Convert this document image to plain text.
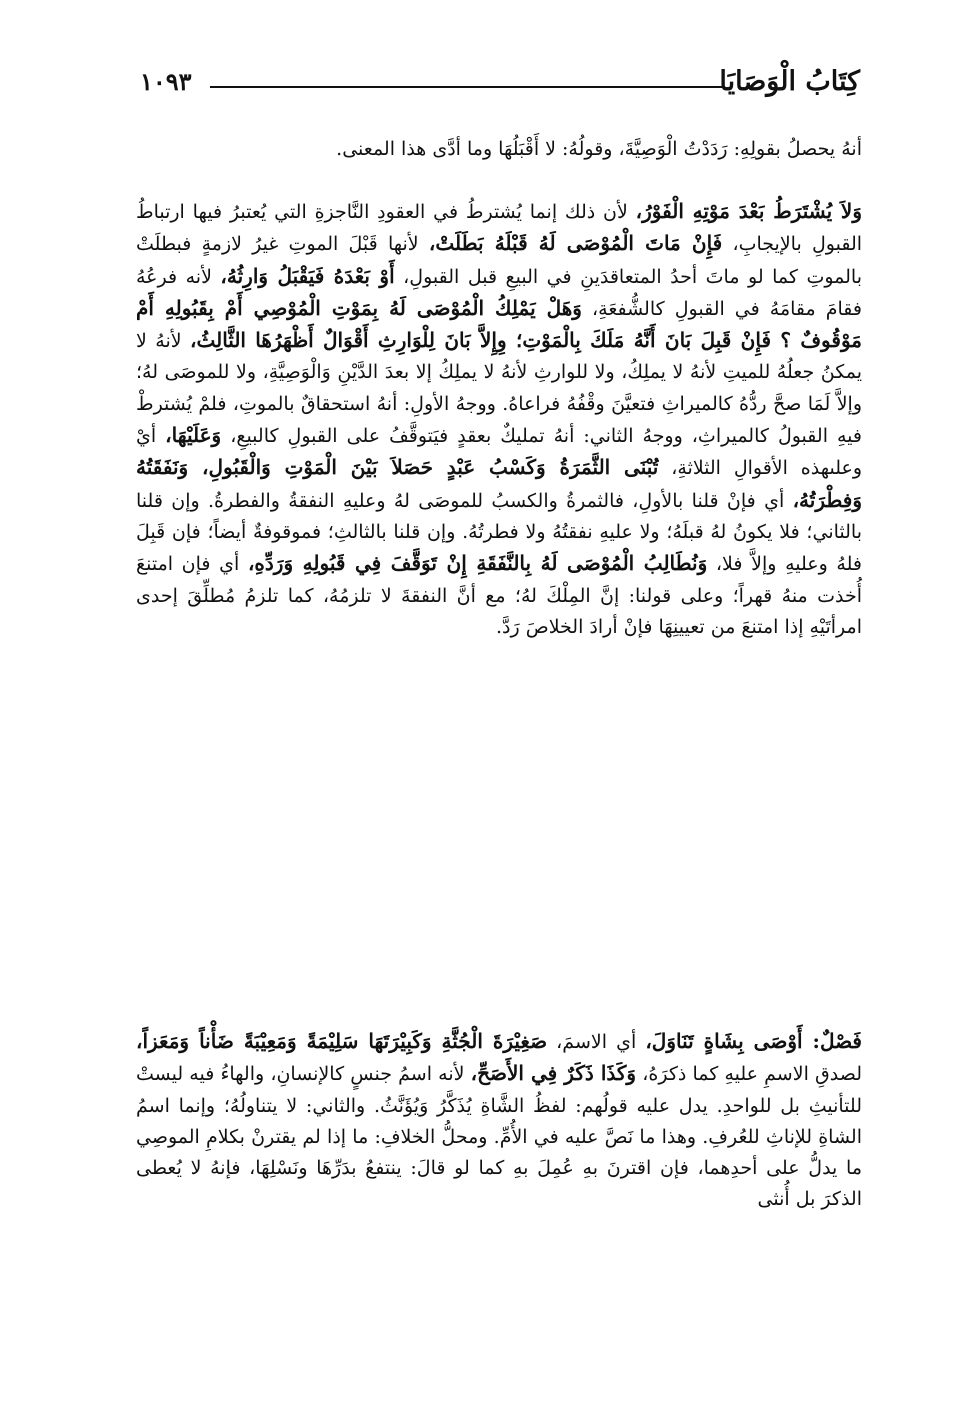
كِتَابُ الْوَصَايَا
١٠٩٣

أنهُ يحصلُ بقولِهِ: رَدَدْتُ الْوَصِيَّةَ، وقولُهُ: لا أَقْبَلُهَا وما أدَّى هذا المعنى.

وَلاَ يُشْتَرَطُ بَعْدَ مَوْتِهِ الْفَوْرُ، لأن ذلك إنما يُشترطُ في العقودِ النَّاجزةِ التي يُعتبرُ فيها ارتباطُ القبولِ بالإيجابِ، فَإِنْ مَاتَ الْمُوْصَى لَهُ قَبْلَهُ بَطَلَتْ، لأنها قَبْلَ الموتِ غيرُ لازمةٍ فبطلَتْ بالموتِ كما لو ماتَ أحدُ المتعاقدَينِ في البيعِ قبل القبولِ، أَوْ بَعْدَهُ فَيَقْبَلُ وَارِثُهُ، لأنه فرعُهُ فقامَ مقامَهُ في القبولِ كالشُّفعَةِ، وَهَلْ يَمْلِكُ الْمُوْصَى لَهُ بِمَوْتِ الْمُوْصِي أَمْ بِقَبُولِهِ أَمْ مَوْقُوفٌ ؟ فَإِنْ قَبِلَ بَانَ أَنَّهُ مَلَكَ بِالْمَوْتِ؛ وِإِلاَّ بَانَ لِلْوَارِثِ أَقْوَالٌ أَظْهَرُهَا الثَّالِثُ، لأنهُ لا يمكنُ جعلُهُ للميتِ لأنهُ لا يملِكُ، ولا للوارثِ لأنهُ لا يملِكُ إلا بعدَ الدَّيْنِ وَالْوَصِيَّةِ، ولا للموصَى لهُ؛ وإلاَّ لَمَا صحَّ ردُّهُ كالميراثِ فتعيَّنَ وقْفُهُ فراعاهُ. ووجهُ الأولِ: أنهُ استحقاقٌ بالموتِ، فلمْ يُشترطْ فيهِ القبولُ كالميراثِ، ووجهُ الثاني: أنهُ تمليكٌ بعقدٍ فيَتوقَّفُ على القبولِ كالبيعِ، وَعَلَيْهَا، أيْ وعلىهذه الأقوالِ الثلاثةِ، تُبْنَى الثَّمَرَةُ وَكَسْبُ عَبْدٍ حَصَلاَ بَيْنَ الْمَوْتِ وَالْقَبُولِ، وَنَفَقَتُهُ وَفِطْرَتُهُ، أي فإنْ قلنا بالأولِ، فالثمرةُ والكسبُ للموصَى لهُ وعليهِ النفقةُ والفطرةُ. وإن قلنا بالثاني؛ فلا يكونُ لهُ قبلَهُ؛ ولا عليهِ نفقتُهُ ولا فطرتُهُ. وإن قلنا بالثالثِ؛ فموقوفةٌ أيضاً؛ فإن قَبِلَ فلهُ وعليهِ وإلاَّ فلا، وَنُطَالِبُ الْمُوْصَى لَهُ بِالنَّفَقَةِ إِنْ تَوَقَّفَ فِي قَبُولِهِ وَرَدِّهِ، أي فإن امتنعَ أُخذت منهُ قهراً؛ وعلى قولنا: إنَّ المِلْكَ لهُ؛ مع أنَّ النفقةَ لا تلزمُهُ، كما تلزمُ مُطلِّقَ إحدى امرأتَيْهِ إذا امتنعَ من تعيينِهَا فإنْ أرادَ الخلاصَ رَدَّ.

فَصْلٌ: أَوْصَى بِشَاةٍ تَنَاوَلَ، أي الاسمَ، صَغِيْرَةَ الْجُثَّةِ وَكَبِيْرَتَهَا سَلِيْمَةً وَمَعِيْبَةً ضَأْناً وَمَعَزاً، لصدقِ الاسمِ عليهِ كما ذكرَهُ، وَكَذَا ذَكَرٌ فِي الأَصَحِّ، لأنه اسمُ جنسٍ كالإنسانِ، والهاءُ فيه ليستْ للتأنيثِ بل للواحدِ. يدل عليه قولُهم: لفظُ الشَّاةِ يُذَكَّرُ وَيُؤَنَّثُ. والثاني: لا يتناولُهُ؛ وإنما اسمُ الشاةِ للإناثِ للعُرفِ. وهذا ما نَصَّ عليه في الأُمِّ. ومحلُّ الخلافِ: ما إذا لم يقترنْ بكلامِ الموصِي ما يدلُّ على أحدِهما، فإن اقترنَ بهِ عُمِلَ بهِ كما لو قالَ: ينتفعُ بدَرِّهَا ونَسْلِهَا، فإنهُ لا يُعطى الذكرَ بل أُنثى
